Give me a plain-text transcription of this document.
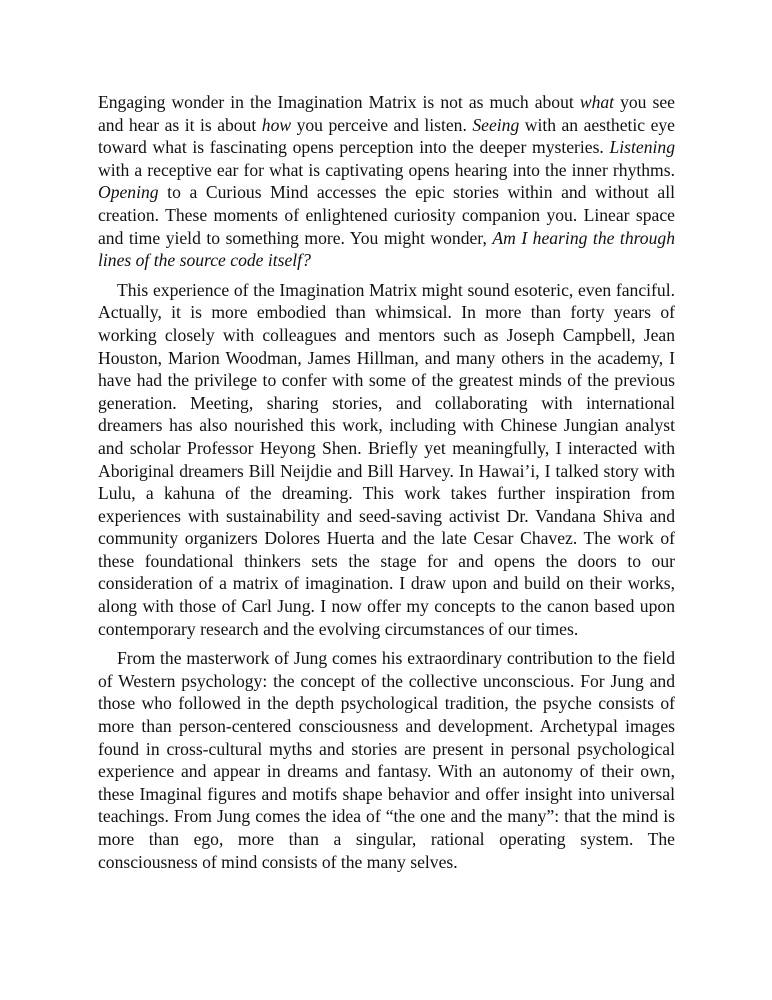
Engaging wonder in the Imagination Matrix is not as much about what you see and hear as it is about how you perceive and listen. Seeing with an aesthetic eye toward what is fascinating opens perception into the deeper mysteries. Listening with a receptive ear for what is captivating opens hearing into the inner rhythms. Opening to a Curious Mind accesses the epic stories within and without all creation. These moments of enlightened curiosity companion you. Linear space and time yield to something more. You might wonder, Am I hearing the through lines of the source code itself?

This experience of the Imagination Matrix might sound esoteric, even fanciful. Actually, it is more embodied than whimsical. In more than forty years of working closely with colleagues and mentors such as Joseph Campbell, Jean Houston, Marion Woodman, James Hillman, and many others in the academy, I have had the privilege to confer with some of the greatest minds of the previous generation. Meeting, sharing stories, and collaborating with international dreamers has also nourished this work, including with Chinese Jungian analyst and scholar Professor Heyong Shen. Briefly yet meaningfully, I interacted with Aboriginal dreamers Bill Neijdie and Bill Harvey. In Hawai’i, I talked story with Lulu, a kahuna of the dreaming. This work takes further inspiration from experiences with sustainability and seed-saving activist Dr. Vandana Shiva and community organizers Dolores Huerta and the late Cesar Chavez. The work of these foundational thinkers sets the stage for and opens the doors to our consideration of a matrix of imagination. I draw upon and build on their works, along with those of Carl Jung. I now offer my concepts to the canon based upon contemporary research and the evolving circumstances of our times.

From the masterwork of Jung comes his extraordinary contribution to the field of Western psychology: the concept of the collective unconscious. For Jung and those who followed in the depth psychological tradition, the psyche consists of more than person-centered consciousness and development. Archetypal images found in cross-cultural myths and stories are present in personal psychological experience and appear in dreams and fantasy. With an autonomy of their own, these Imaginal figures and motifs shape behavior and offer insight into universal teachings. From Jung comes the idea of “the one and the many”: that the mind is more than ego, more than a singular, rational operating system. The consciousness of mind consists of the many selves.
